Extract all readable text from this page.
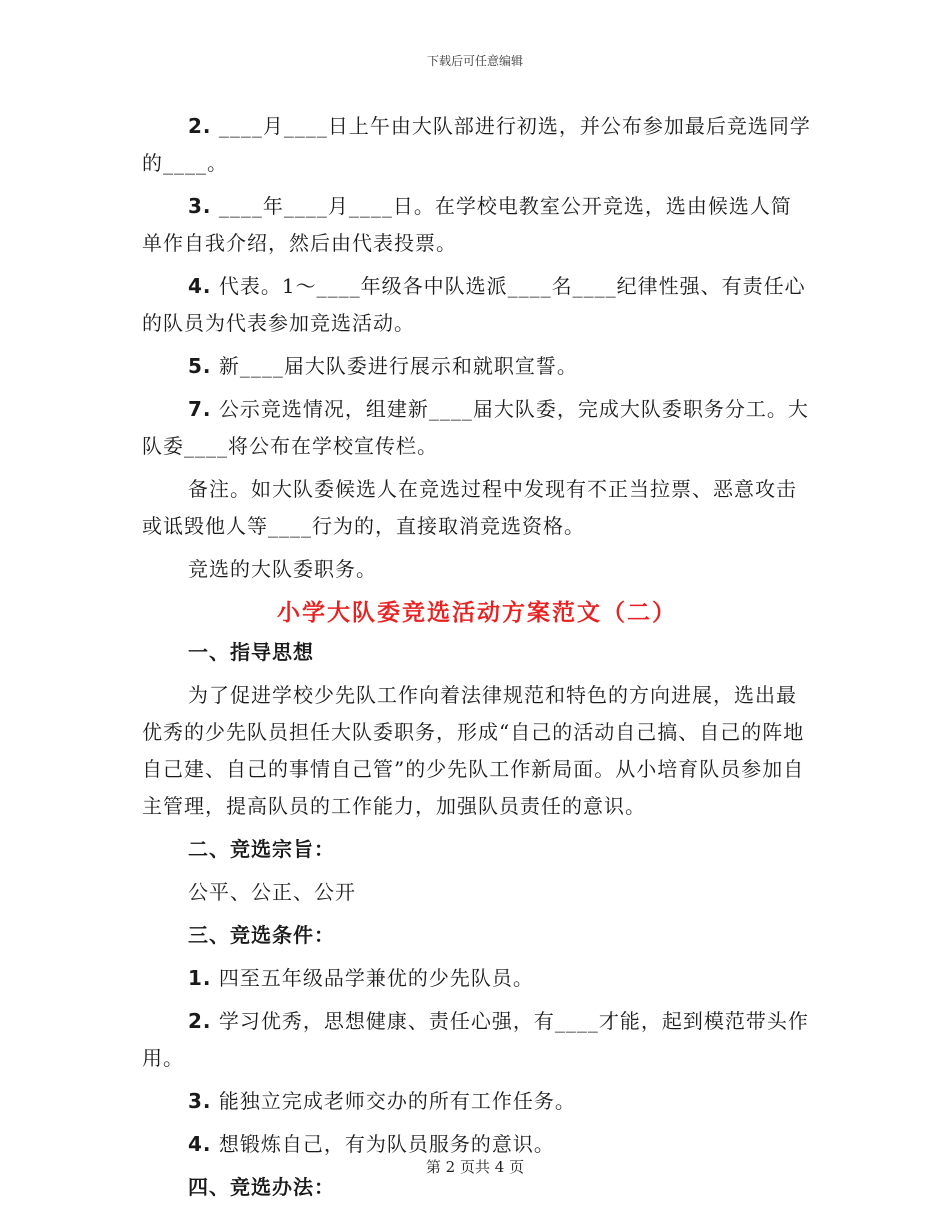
下载后可任意编辑

2. ____月____日上午由大队部进行初选，并公布参加最后竞选同学的____。

3. ____年____月____日。在学校电教室公开竞选，选由候选人简单作自我介绍，然后由代表投票。

4. 代表。1～____年级各中队选派____名____纪律性强、有责任心的队员为代表参加竞选活动。

5. 新____届大队委进行展示和就职宣誓。

7. 公示竞选情况，组建新____届大队委，完成大队委职务分工。大队委____将公布在学校宣传栏。

备注。如大队委候选人在竞选过程中发现有不正当拉票、恶意攻击或诋毁他人等____行为的，直接取消竞选资格。

竞选的大队委职务。

小学大队委竞选活动方案范文（二）

一、指导思想

为了促进学校少先队工作向着法律规范和特色的方向进展，选出最优秀的少先队员担任大队委职务，形成“自己的活动自己搞、自己的阵地自己建、自己的事情自己管”的少先队工作新局面。从小培育队员参加自主管理，提高队员的工作能力，加强队员责任的意识。

二、竞选宗旨：

公平、公正、公开

三、竞选条件：

1. 四至五年级品学兼优的少先队员。

2. 学习优秀，思想健康、责任心强，有____才能，起到模范带头作用。

3. 能独立完成老师交办的所有工作任务。

4. 想锻炼自己，有为队员服务的意识。

四、竞选办法：

第 2 页共 4 页
